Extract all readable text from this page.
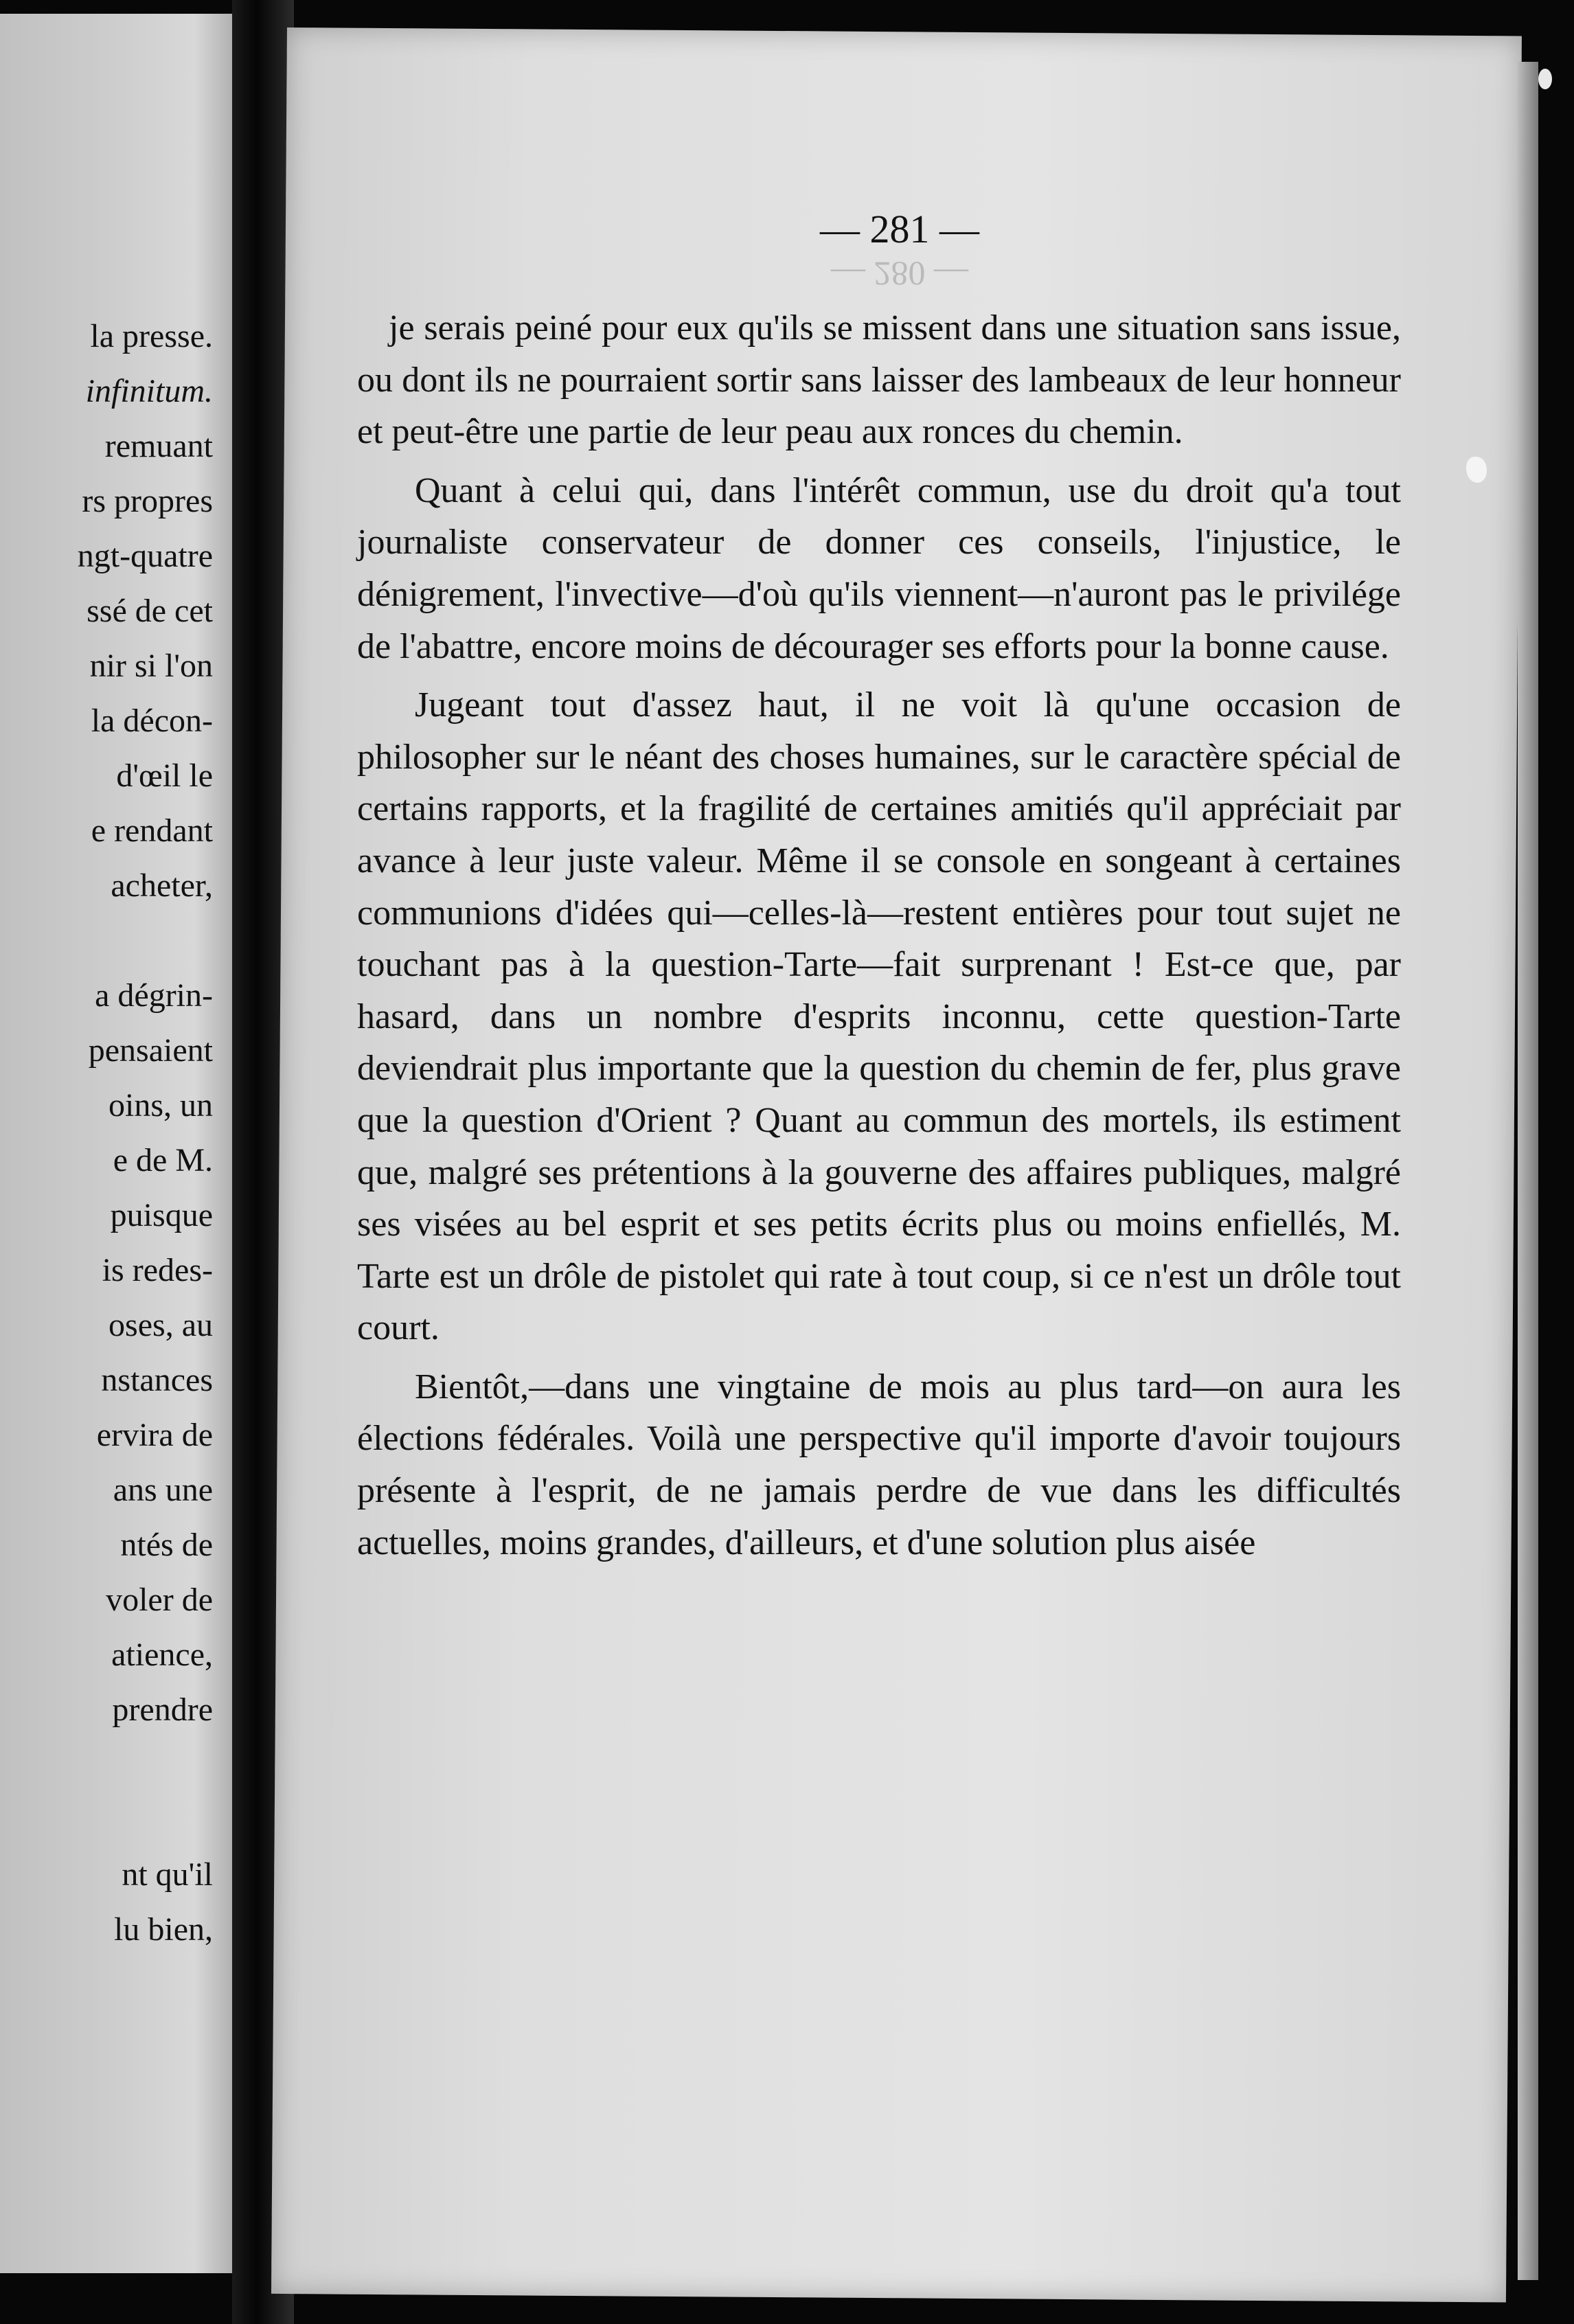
la presse.
infinitum.
remuant
rs propres
ngt-quatre
ssé de cet
nir si l'on
la décon-
d'œil le
e rendant
acheter,

a dégrin-
pensaient
oins, un
e de M.
puisque
is redes-
oses, au
nstances
ervira de
ans une
ntés de
voler de
atience,
prendre

nt qu'il
lu bien,
— 281 —
— 280 —

je serais peiné pour eux qu'ils se missent dans une situation sans issue, ou dont ils ne pourraient sortir sans laisser des lambeaux de leur honneur et peut-être une partie de leur peau aux ronces du chemin.

Quant à celui qui, dans l'intérêt commun, use du droit qu'a tout journaliste conservateur de donner ces conseils, l'injustice, le dénigrement, l'invective—d'où qu'ils viennent—n'auront pas le privilége de l'abattre, encore moins de décourager ses efforts pour la bonne cause.

Jugeant tout d'assez haut, il ne voit là qu'une occasion de philosopher sur le néant des choses humaines, sur le caractère spécial de certains rapports, et la fragilité de certaines amitiés qu'il appréciait par avance à leur juste valeur. Même il se console en songeant à certaines communions d'idées qui—celles-là—restent entières pour tout sujet ne touchant pas à la question-Tarte—fait surprenant ! Est-ce que, par hasard, dans un nombre d'esprits inconnu, cette question-Tarte deviendrait plus importante que la question du chemin de fer, plus grave que la question d'Orient ? Quant au commun des mortels, ils estiment que, malgré ses prétentions à la gouverne des affaires publiques, malgré ses visées au bel esprit et ses petits écrits plus ou moins enfiellés, M. Tarte est un drôle de pistolet qui rate à tout coup, si ce n'est un drôle tout court.

Bientôt,—dans une vingtaine de mois au plus tard—on aura les élections fédérales. Voilà une perspective qu'il importe d'avoir toujours présente à l'esprit, de ne jamais perdre de vue dans les difficultés actuelles, moins grandes, d'ailleurs, et d'une solution plus aisée
